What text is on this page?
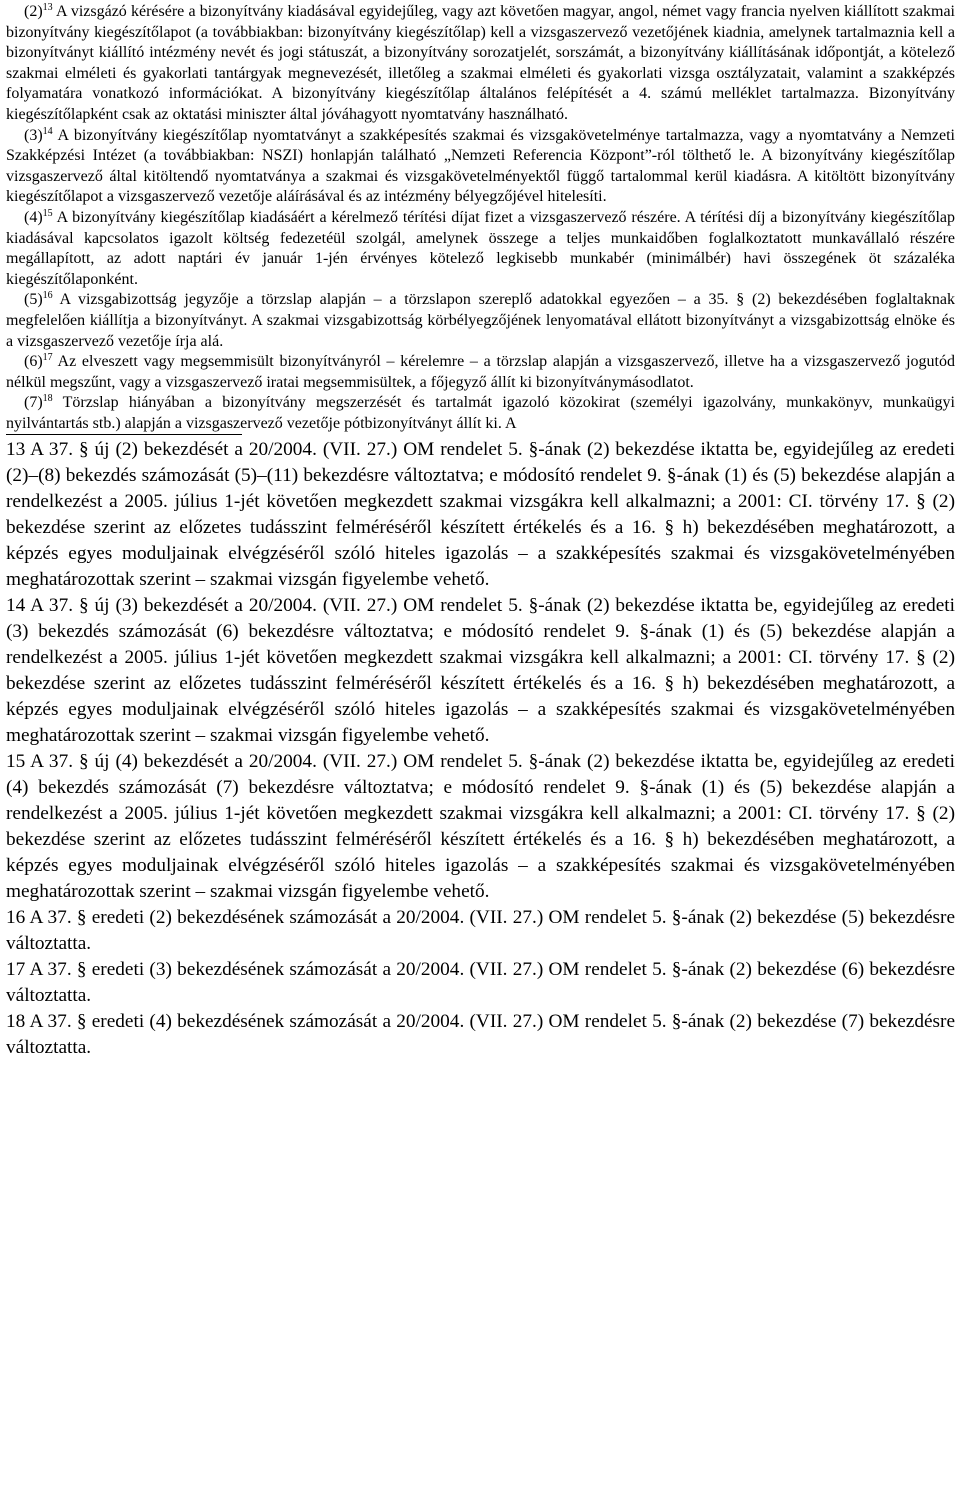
$(2)^{13}$ A vizsgázó kérésére a bizonyítvány kiadásával egyidejűleg, vagy azt követően magyar, angol, német vagy francia nyelven kiállított szakmai bizonyítvány kiegészítőlapot (a továbbiakban: bizonyítvány kiegészítőlap) kell a vizsgaszervező vezetőjének kiadnia, amelynek tartalmaznia kell a bizonyítványt kiállító intézmény nevét és jogi státuszát, a bizonyítvány sorozatjelét, sorszámát, a bizonyítvány kiállításának időpontját, a kötelező szakmai elméleti és gyakorlati tantárgyak megnevezését, illetőleg a szakmai elméleti és gyakorlati vizsga osztályzatait, valamint a szakképzés folyamatára vonatkozó információkat. A bizonyítvány kiegészítőlap általános felépítését a 4. számú melléklet tartalmazza. Bizonyítvány kiegészítőlapként csak az oktatási miniszter által jóváhagyott nyomtatvány használható.

$(3)^{14}$ A bizonyítvány kiegészítőlap nyomtatványt a szakképesítés szakmai és vizsgakövetelménye tartalmazza, vagy a nyomtatvány a Nemzeti Szakképzési Intézet (a továbbiakban: NSZI) honlapján található „Nemzeti Referencia Központ”-ról tölthető le. A bizonyítvány kiegészítőlap vizsgaszervező által kitöltendő nyomtatványa a szakmai és vizsgakövetelményektől függő tartalommal kerül kiadásra. A kitöltött bizonyítvány kiegészítőlapot a vizsgaszervező vezetője aláírásával és az intézmény bélyegzőjével hitelesíti.

$(4)^{15}$ A bizonyítvány kiegészítőlap kiadásáért a kérelmező térítési díjat fizet a vizsgaszervező részére. A térítési díj a bizonyítvány kiegészítőlap kiadásával kapcsolatos igazolt költség fedezetéül szolgál, amelynek összege a teljes munkaidőben foglalkoztatott munkavállaló részére megállapított, az adott naptári év január 1-jén érvényes kötelező legkisebb munkabér (minimálbér) havi összegének öt százaléka kiegészítőlaponként.

$(5)^{16}$ A vizsgabizottság jegyzője a törzslap alapján – a törzslapon szereplő adatokkal egyezően – a 35. § (2) bekezdésében foglaltaknak megfelelően kiállítja a bizonyítványt. A szakmai vizsgabizottság körbélyegzőjének lenyomatával ellátott bizonyítványt a vizsgabizottság elnöke és a vizsgaszervező vezetője írja alá.

$(6)^{17}$ Az elveszett vagy megsemmisült bizonyítványról – kérelemre – a törzslap alapján a vizsgaszervező, illetve ha a vizsgaszervező jogutód nélkül megszűnt, vagy a vizsgaszervező iratai megsemmisültek, a főjegyző állít ki bizonyítványmásodlatot.

$(7)^{18}$ Törzslap hiányában a bizonyítvány megszerzését és tartalmát igazoló közokirat (személyi igazolvány, munkakönyv, munkaügyi nyilvántartás stb.) alapján a vizsgaszervező vezetője pótbizonyítványt állít ki. A

13 A 37. § új (2) bekezdését a 20/2004. (VII. 27.) OM rendelet 5. §-ának (2) bekezdése iktatta be, egyidejűleg az eredeti (2)–(8) bekezdés számozását (5)–(11) bekezdésre változtatva; e módosító rendelet 9. §-ának (1) és (5) bekezdése alapján a rendelkezést a 2005. július 1-jét követően megkezdett szakmai vizsgákra kell alkalmazni; a 2001: CI. törvény 17. § (2) bekezdése szerint az előzetes tudásszint felméréséről készített értékelés és a 16. § h) bekezdésében meghatározott, a képzés egyes moduljainak elvégzéséről szóló hiteles igazolás – a szakképesítés szakmai és vizsgakövetelményében meghatározottak szerint – szakmai vizsgán figyelembe vehető.

14 A 37. § új (3) bekezdését a 20/2004. (VII. 27.) OM rendelet 5. §-ának (2) bekezdése iktatta be, egyidejűleg az eredeti (3) bekezdés számozását (6) bekezdésre változtatva; e módosító rendelet 9. §-ának (1) és (5) bekezdése alapján a rendelkezést a 2005. július 1-jét követően megkezdett szakmai vizsgákra kell alkalmazni; a 2001: CI. törvény 17. § (2) bekezdése szerint az előzetes tudásszint felméréséről készített értékelés és a 16. § h) bekezdésében meghatározott, a képzés egyes moduljainak elvégzéséről szóló hiteles igazolás – a szakképesítés szakmai és vizsgakövetelményében meghatározottak szerint – szakmai vizsgán figyelembe vehető.

15 A 37. § új (4) bekezdését a 20/2004. (VII. 27.) OM rendelet 5. §-ának (2) bekezdése iktatta be, egyidejűleg az eredeti (4) bekezdés számozását (7) bekezdésre változtatva; e módosító rendelet 9. §-ának (1) és (5) bekezdése alapján a rendelkezést a 2005. július 1-jét követően megkezdett szakmai vizsgákra kell alkalmazni; a 2001: CI. törvény 17. § (2) bekezdése szerint az előzetes tudásszint felméréséről készített értékelés és a 16. § h) bekezdésében meghatározott, a képzés egyes moduljainak elvégzéséről szóló hiteles igazolás – a szakképesítés szakmai és vizsgakövetelményében meghatározottak szerint – szakmai vizsgán figyelembe vehető.

16 A 37. § eredeti (2) bekezdésének számozását a 20/2004. (VII. 27.) OM rendelet 5. §-ának (2) bekezdése (5) bekezdésre változtatta.

17 A 37. § eredeti (3) bekezdésének számozását a 20/2004. (VII. 27.) OM rendelet 5. §-ának (2) bekezdése (6) bekezdésre változtatta.

18 A 37. § eredeti (4) bekezdésének számozását a 20/2004. (VII. 27.) OM rendelet 5. §-ának (2) bekezdése (7) bekezdésre változtatta.
